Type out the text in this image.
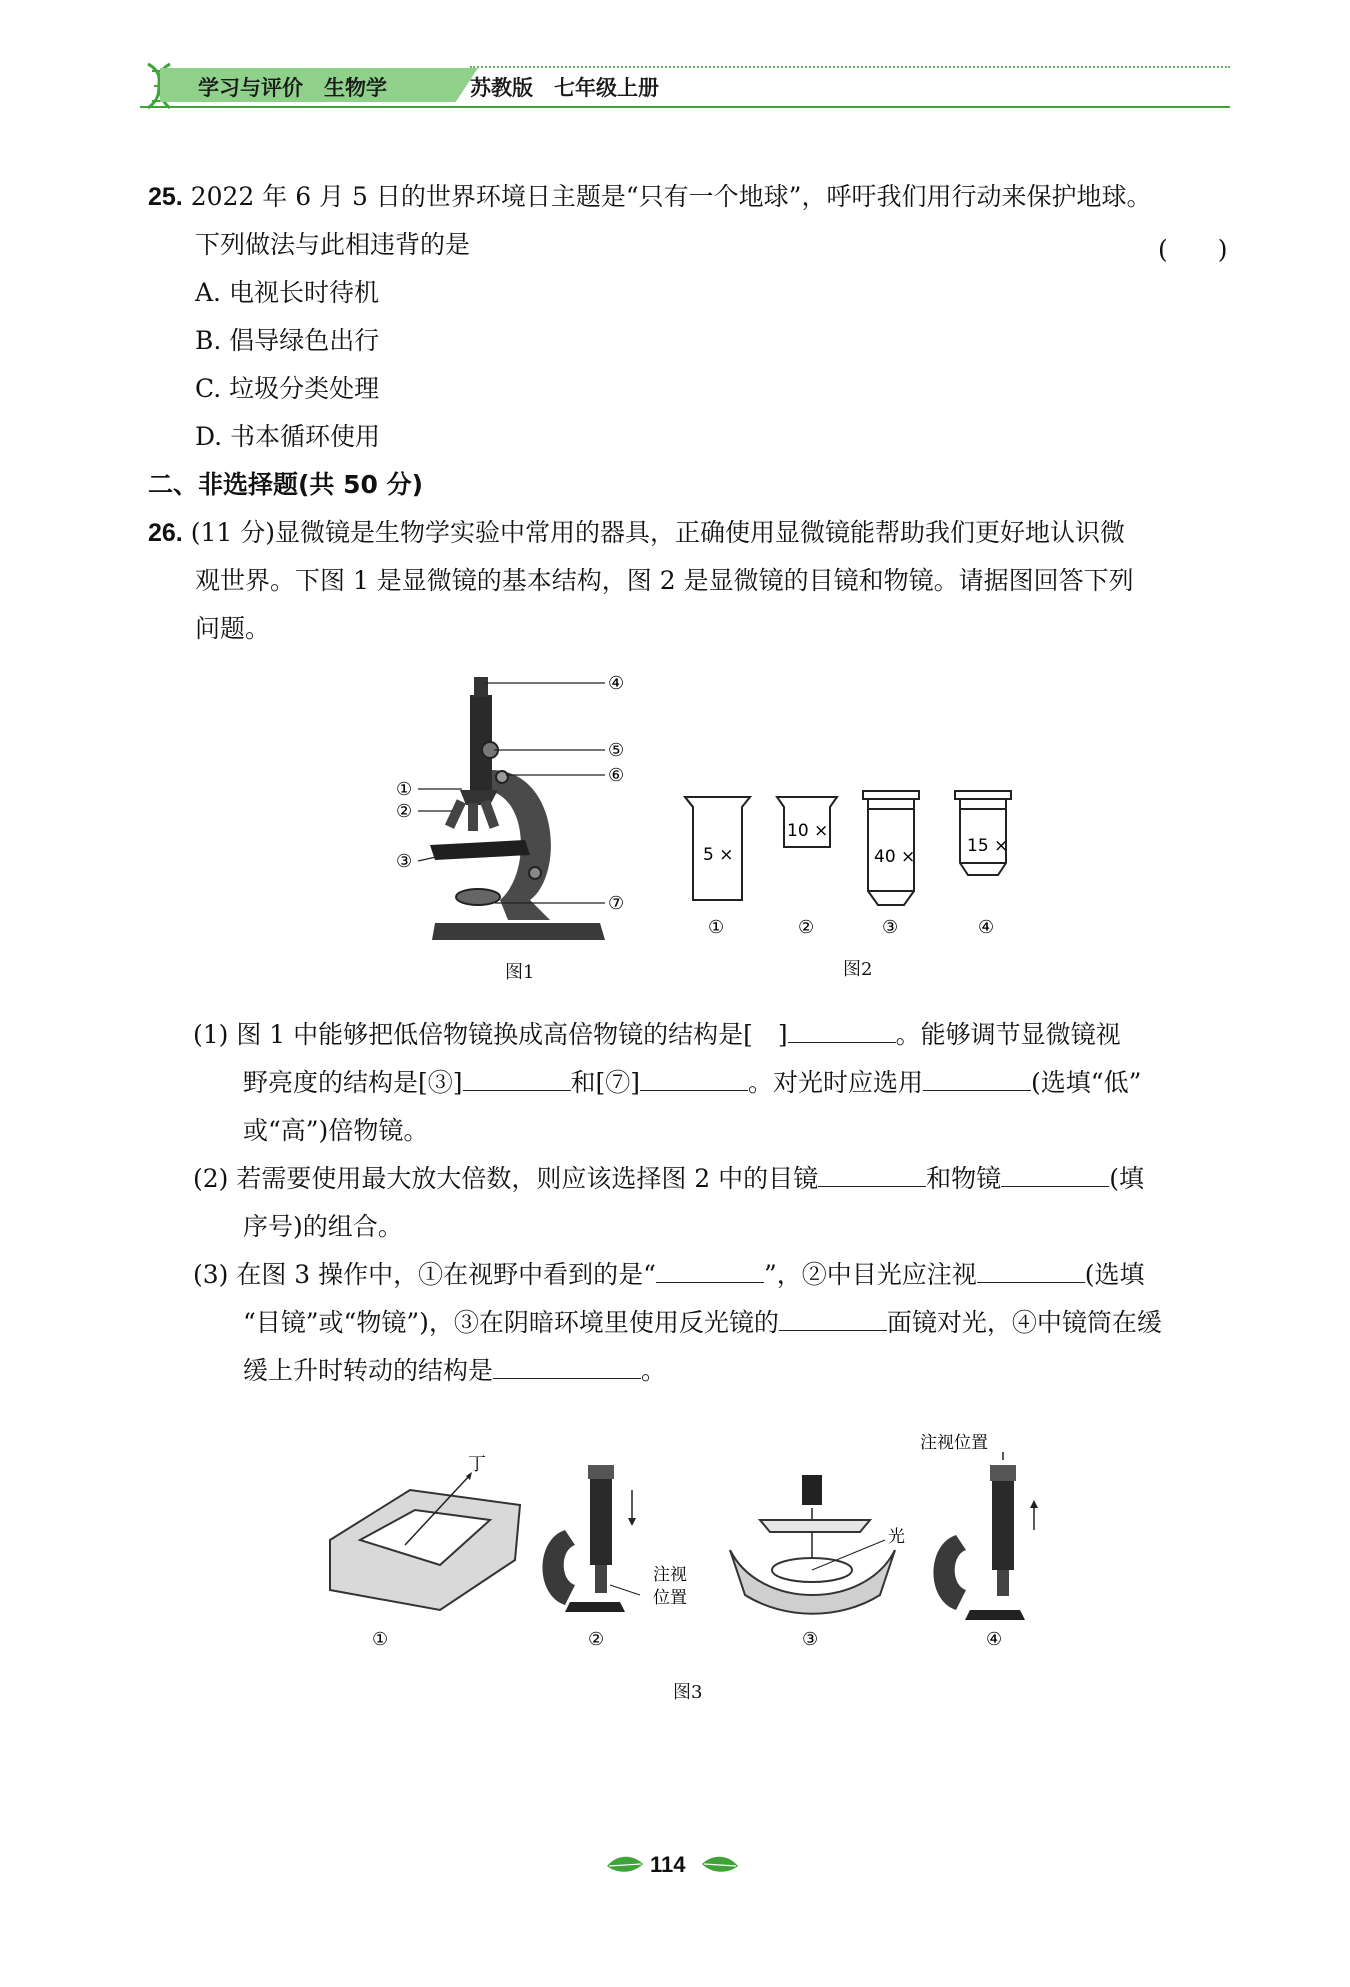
学习与评价　生物学	苏教版　七年级上册
25. 2022 年 6 月 5 日的世界环境日主题是“只有一个地球”，呼吁我们用行动来保护地球。
下列做法与此相违背的是	(　　)
A. 电视长时待机
B. 倡导绿色出行
C. 垃圾分类处理
D. 书本循环使用
二、非选择题(共 50 分)
26. (11 分)显微镜是生物学实验中常用的器具，正确使用显微镜能帮助我们更好地认识微
观世界。下图 1 是显微镜的基本结构，图 2 是显微镜的目镜和物镜。请据图回答下列
问题。
④
⑤
⑥
①
②
③
⑦
图1
5 ×
①
10 ×
②
40 ×
③
15 ×
④
图2
(1) 图 1 中能够把低倍物镜换成高倍物镜的结构是[　]	。能够调节显微镜视
野亮度的结构是[③]	和[⑦]	。对光时应选用	(选填“低”
或“高”)倍物镜。
(2) 若需要使用最大放大倍数，则应该选择图 2 中的目镜	和物镜	(填
序号)的组合。
(3) 在图 3 操作中，①在视野中看到的是“	”，②中目光应注视	(选填
“目镜”或“物镜”)，③在阴暗环境里使用反光镜的	面镜对光，④中镜筒在缓
缓上升时转动的结构是	。
丁
①
注视
位置
②
光
③
注视位置
④
图3
114
